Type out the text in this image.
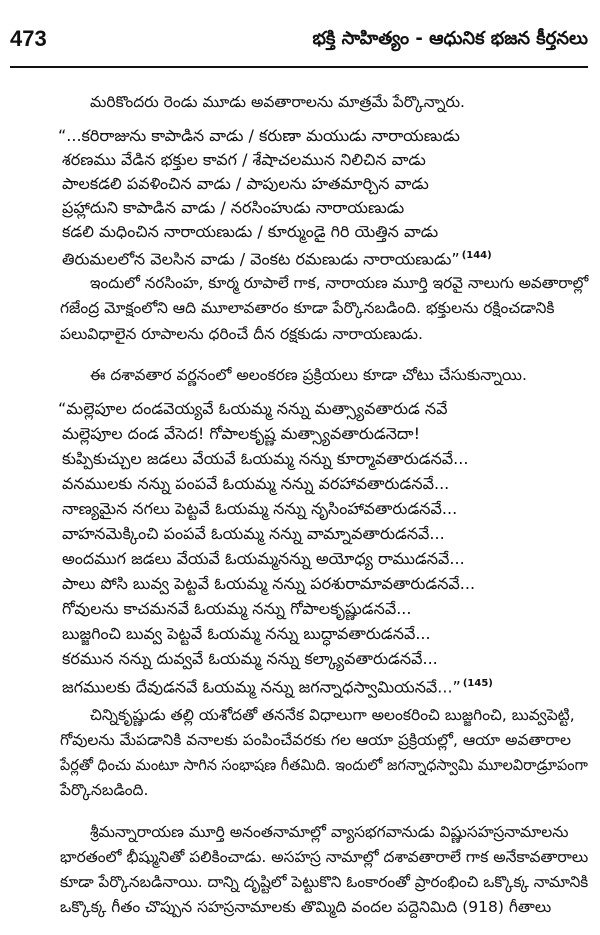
473	భక్తి సాహిత్యం - ఆధునిక భజన కీర్తనలు
మరికొందరు రెండు మూడు అవతారాలను మాత్రమే పేర్కొన్నారు.
“...కరిరాజును కాపాడిన వాడు / కరుణా మయుడు నారాయణుడు
శరణము వేడిన భక్తుల కావగ / శేషాచలమున నిలిచిన వాడు
పాలకడలి పవళించిన వాడు / పాపులను హతమార్చిన వాడు
ప్రహ్లాదుని కాపాడిన వాడు / నరసింహుడు నారాయణుడు
కడలి మధించిన నారాయణుడు / కూర్ముండై గిరి యెత్తిన వాడు
తిరుమలలోన వెలసిన వాడు / వెంకట రమణుడు నారాయణుడు” $^{(144)}$
ఇందులో నరసింహ, కూర్మ రూపాలే గాక, నారాయణ మూర్తి ఇరవై నాలుగు అవతారాల్లో
గజేంద్ర మోక్షంలోని ఆది మూలావతారం కూడా పేర్కొనబడింది. భక్తులను రక్షించడానికి
పలువిధాలైన రూపాలను ధరించే దీన రక్షకుడు నారాయణుడు.
ఈ దశావతార వర్ణనంలో అలంకరణ ప్రక్రియలు కూడా చోటు చేసుకున్నాయి.
“మల్లెపూల దండవెయ్యవే ఓయమ్మ నన్ను మత్స్యావతారుడ నవే
మల్లెపూల దండ వేసెద! గోపాలకృష్ణ మత్స్యావతారుడనెదా!
కుప్పికుచ్చుల జడలు వేయవే ఓయమ్మ నన్ను కూర్మావతారుడనవే...
వనములకు నన్ను పంపవే ఓయమ్మ నన్ను వరహావతారుడనవే...
నాణ్యమైన నగలు పెట్టవే ఓయమ్మ నన్ను నృసింహావతారుడనవే...
వాహనమెక్కించి పంపవే ఓయమ్మ నన్ను వామ్నావతారుడనవే...
అందముగ జడలు వేయవే ఓయమ్మనన్ను అయోధ్య రాముడనవే...
పాలు పోసి బువ్వ పెట్టవే ఓయమ్మ నన్ను పరశురామావతారుడనవే...
గోవులను కాచమనవే ఓయమ్మ నన్ను గోపాలకృష్ణుడనవే...
బుజ్జగించి బువ్వ పెట్టవే ఓయమ్మ నన్ను బుద్ధావతారుడనవే...
కరమున నన్ను దువ్వవే ఓయమ్మ నన్ను కల్క్యావతారుడనవే...
జగములకు దేవుడనవే ఓయమ్మ నన్ను జగన్నాధస్వామియనవే...” $^{(145)}$
చిన్నికృష్ణుడు తల్లి యశోదతో తననేక విధాలుగా అలంకరించి బుజ్జగించి, బువ్వపెట్టి,
గోవులను మేపడానికి వనాలకు పంపించేవరకు గల ఆయా ప్రక్రియల్లో, ఆయా అవతారాల
పేర్లతో ధించు మంటూ సాగిన సంభాషణ గీతమిది. ఇందులో జగన్నాధస్వామి మూలవిరాడ్రూపంగా
పేర్కొనబడింది.
శ్రీమన్నారాయణ మూర్తి అనంతనామాల్లో వ్యాసభగవానుడు విష్ణుసహస్రనామాలను
భారతంలో భీష్మునితో పలికించాడు. అసహస్ర నామాల్లో దశావతారాలే గాక అనేకావతారాలు
కూడా పేర్కొనబడినాయి. దాన్ని దృష్టిలో పెట్టుకొని ఓంకారంతో ప్రారంభించి ఒక్కొక్క నామానికి
ఒక్కొక్క గీతం చొప్పున సహస్రనామాలకు తొమ్మిది వందల పద్దెనిమిది (918) గీతాలు
